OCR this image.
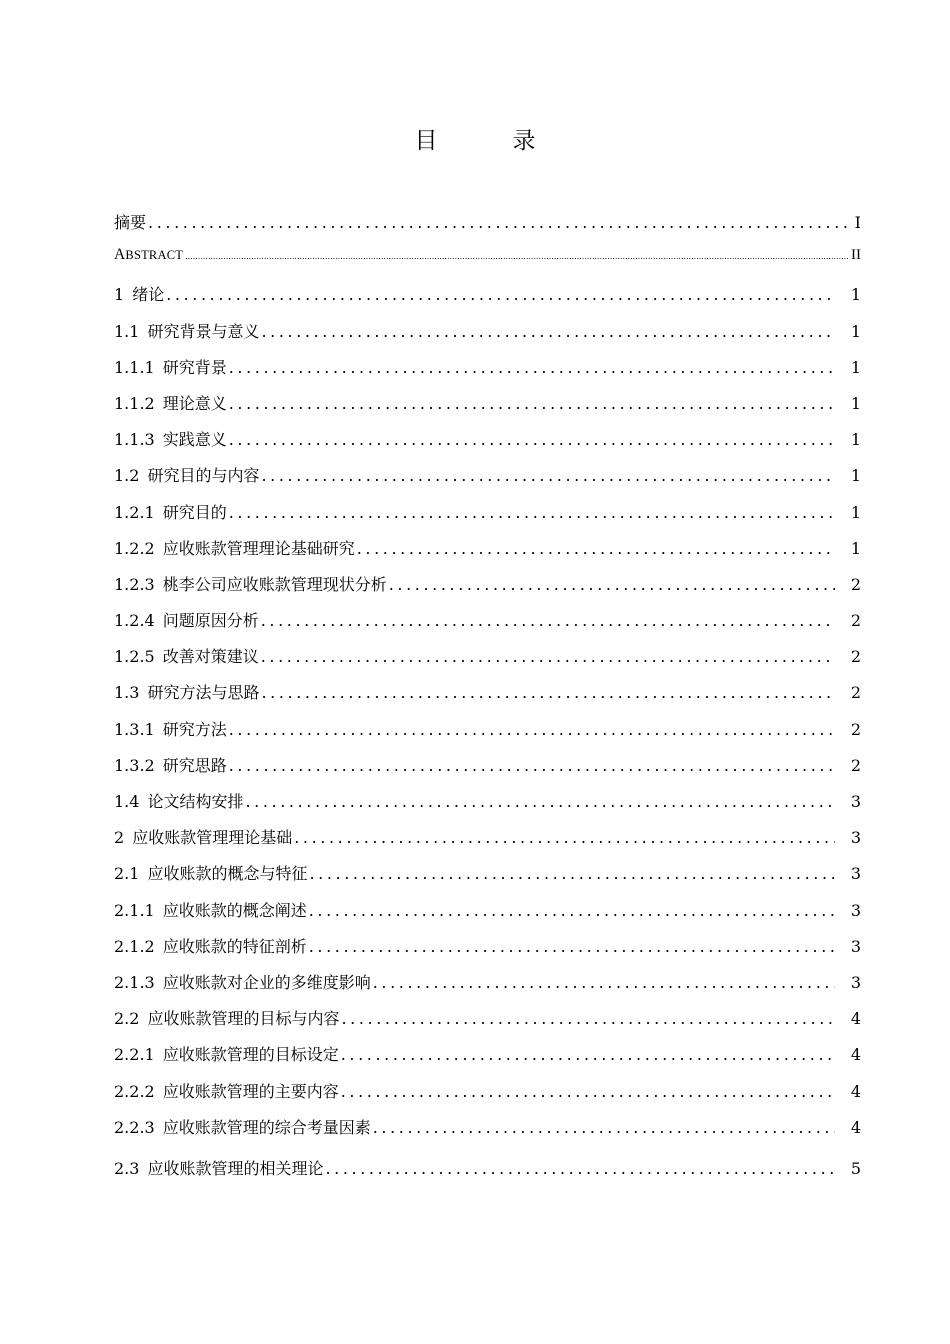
目　录
摘要 .....	I
ABSTRACT .....	II
1 绪论 .....	1
1.1 研究背景与意义 .....	1
1.1.1 研究背景 .....	1
1.1.2 理论意义 .....	1
1.1.3 实践意义 .....	1
1.2 研究目的与内容 .....	1
1.2.1 研究目的 .....	1
1.2.2 应收账款管理理论基础研究 .....	1
1.2.3 桃李公司应收账款管理现状分析 .....	2
1.2.4 问题原因分析 .....	2
1.2.5 改善对策建议 .....	2
1.3 研究方法与思路 .....	2
1.3.1 研究方法 .....	2
1.3.2 研究思路 .....	2
1.4 论文结构安排 .....	3
2 应收账款管理理论基础 .....	3
2.1 应收账款的概念与特征 .....	3
2.1.1 应收账款的概念阐述 .....	3
2.1.2 应收账款的特征剖析 .....	3
2.1.3 应收账款对企业的多维度影响 .....	3
2.2 应收账款管理的目标与内容 .....	4
2.2.1 应收账款管理的目标设定 .....	4
2.2.2 应收账款管理的主要内容 .....	4
2.2.3 应收账款管理的综合考量因素 .....	4
2.3 应收账款管理的相关理论 .....	5
